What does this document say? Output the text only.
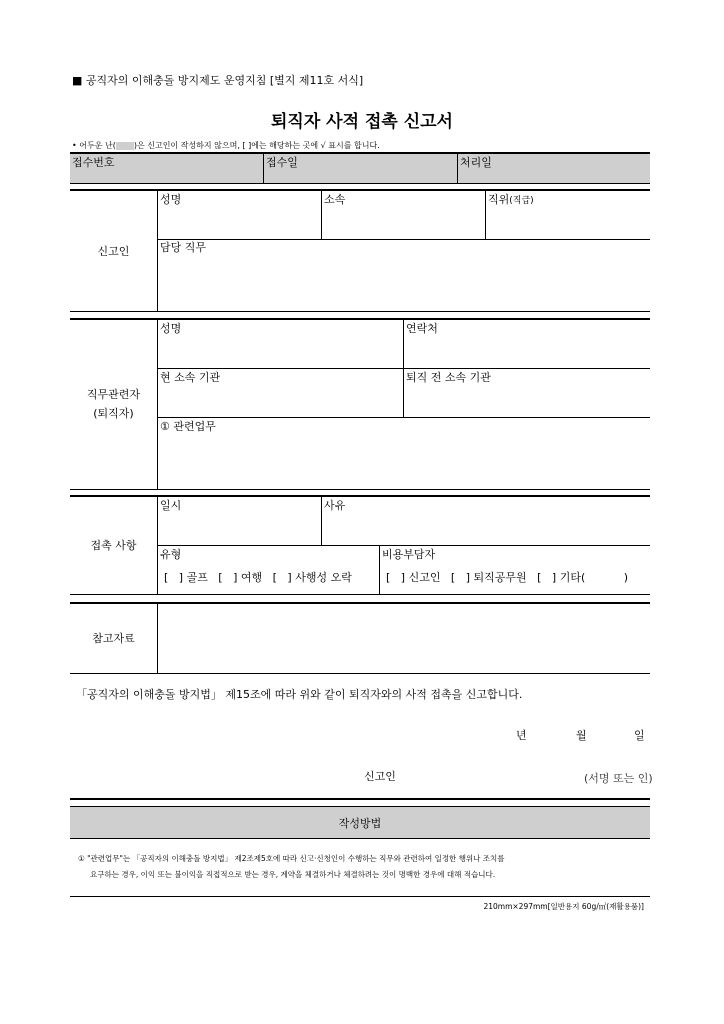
■ 공직자의 이해충돌 방지제도 운영지침 [별지 제11호 서식]
퇴직자 사적 접촉 신고서
• 어두운 난( )은 신고인이 작성하지 않으며, [ ]에는 해당하는 곳에 √ 표시를 합니다.
접수번호	접수일	처리일
신고인
성명	소속	직위(직급)
담당 직무
직무관련자
(퇴직자)
성명	연락처
현 소속 기관	퇴직 전 소속 기관
① 관련업무
접촉 사항
일시	사유
유형
[   ] 골프   [   ] 여행   [   ] 사행성 오락
비용부담자
[   ] 신고인   [   ] 퇴직공무원   [   ] 기타(           )
참고자료
「공직자의 이해충돌 방지법」 제15조에 따라 위와 같이 퇴직자와의 사적 접촉을 신고합니다.
년	월	일
신고인	(서명 또는 인)
작성방법
① "관련업무"는 「공직자의 이해충돌 방지법」 제2조제5호에 따라 신고·신청인이 수행하는 직무와 관련하여 일정한 행위나 조치를
요구하는 경우, 이익 또는 불이익을 직접적으로 받는 경우, 계약을 체결하거나 체결하려는 것이 명백한 경우에 대해 적습니다.
210mm×297mm[일반용지 60g/㎡(재활용품)]
